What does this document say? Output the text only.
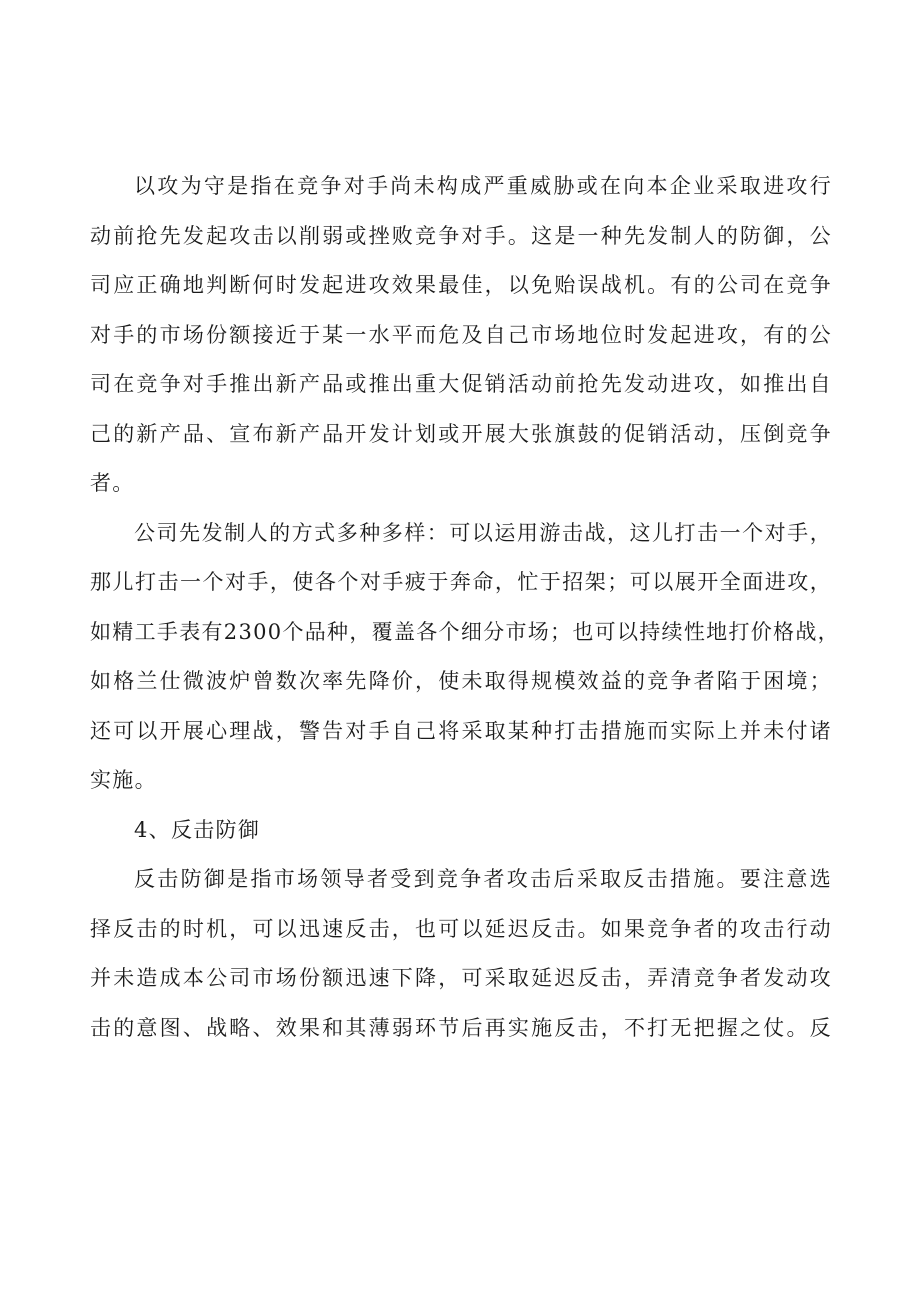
以攻为守是指在竞争对手尚未构成严重威胁或在向本企业采取进攻行
动前抢先发起攻击以削弱或挫败竞争对手。这是一种先发制人的防御，公
司应正确地判断何时发起进攻效果最佳，以免贻误战机。有的公司在竞争
对手的市场份额接近于某一水平而危及自己市场地位时发起进攻，有的公
司在竞争对手推出新产品或推出重大促销活动前抢先发动进攻，如推出自
己的新产品、宣布新产品开发计划或开展大张旗鼓的促销活动，压倒竞争
者。

公司先发制人的方式多种多样：可以运用游击战，这儿打击一个对手，
那儿打击一个对手，使各个对手疲于奔命，忙于招架；可以展开全面进攻，
如精工手表有2300个品种，覆盖各个细分市场；也可以持续性地打价格战，
如格兰仕微波炉曾数次率先降价，使未取得规模效益的竞争者陷于困境；
还可以开展心理战，警告对手自己将采取某种打击措施而实际上并未付诸
实施。

4、反击防御

反击防御是指市场领导者受到竞争者攻击后采取反击措施。要注意选
择反击的时机，可以迅速反击，也可以延迟反击。如果竞争者的攻击行动
并未造成本公司市场份额迅速下降，可采取延迟反击，弄清竞争者发动攻
击的意图、战略、效果和其薄弱环节后再实施反击，不打无把握之仗。反
